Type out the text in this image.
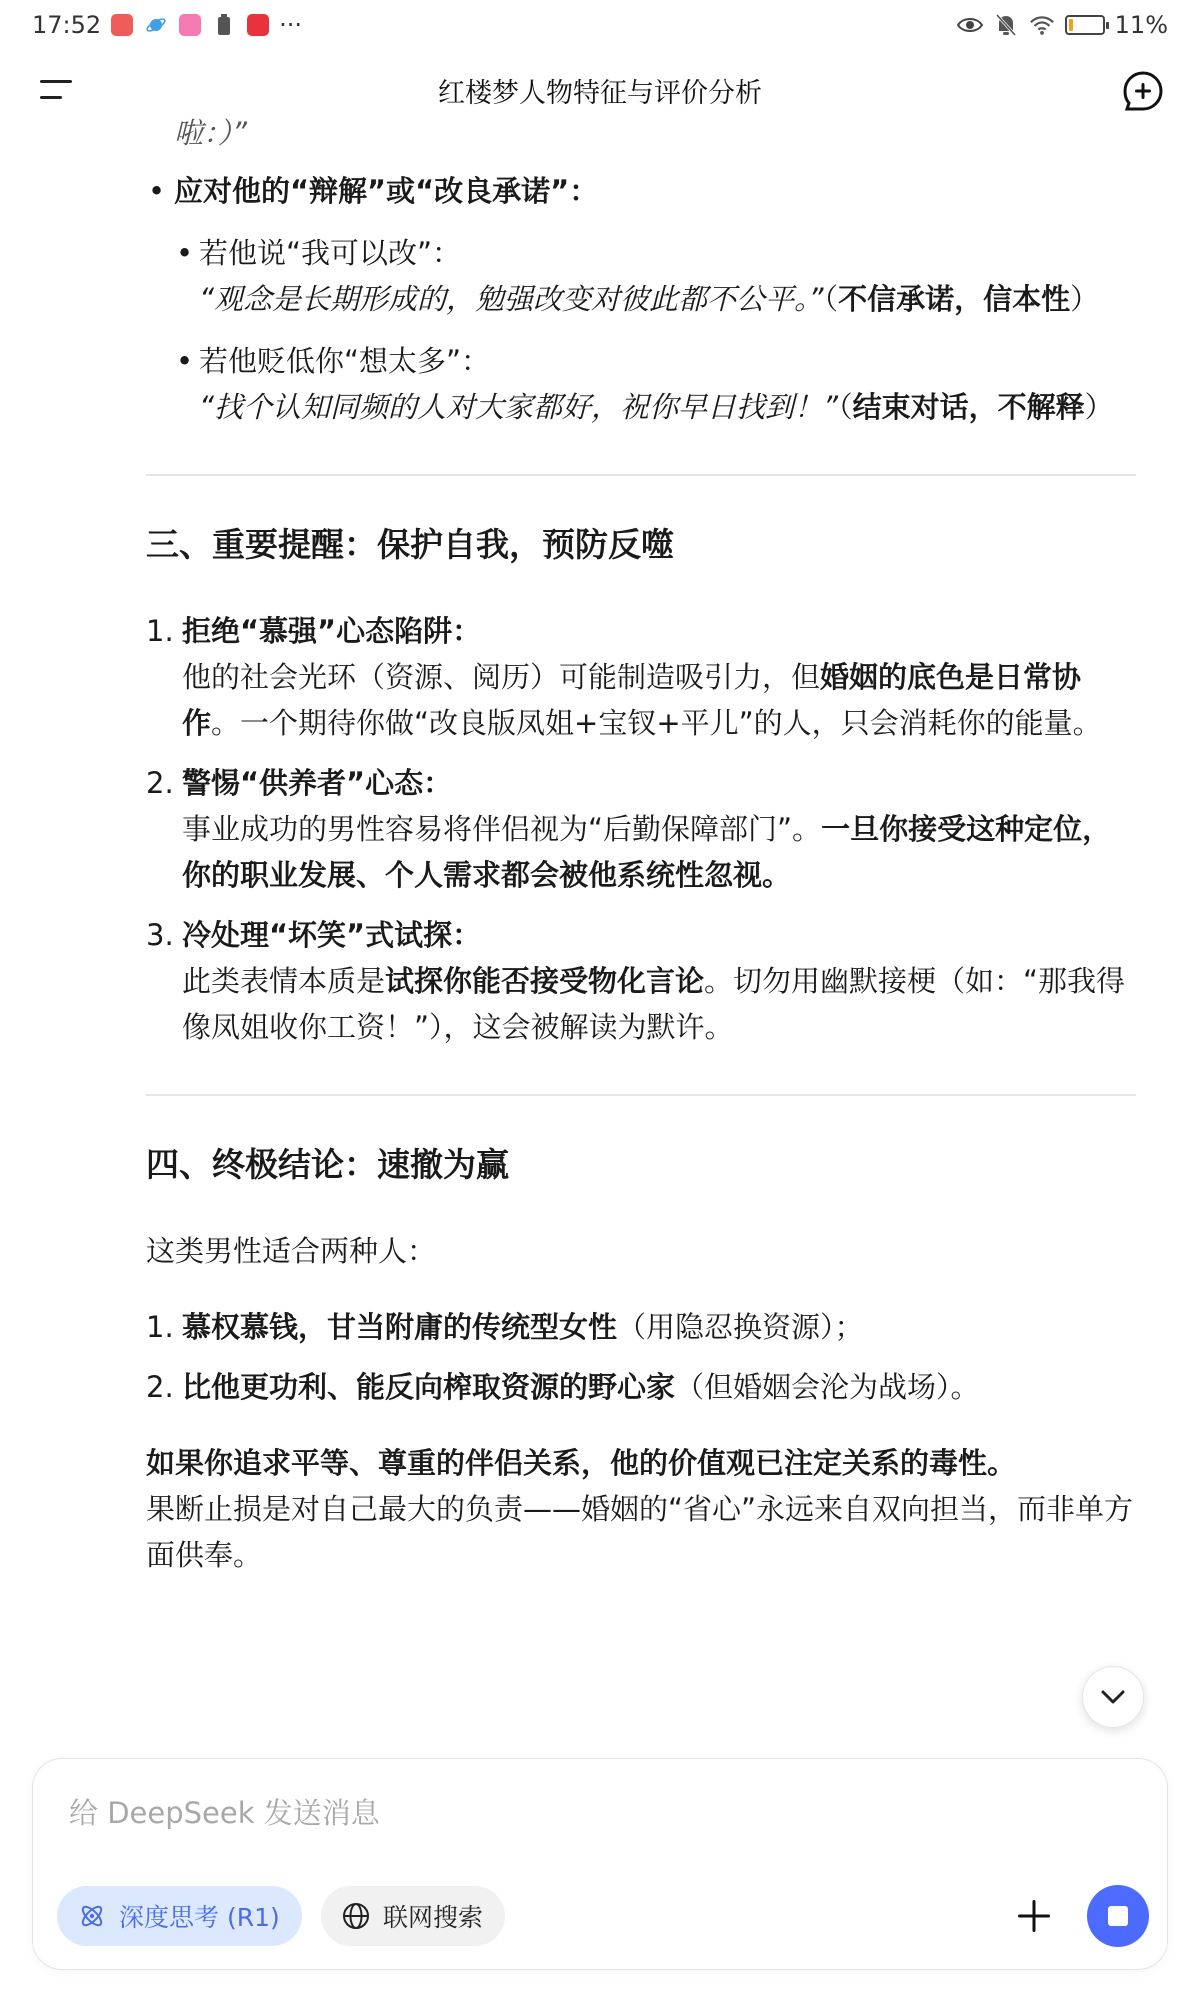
17:52	···	11%
红楼梦人物特征与评价分析
啦：）”
• 应对他的“辩解”或“改良承诺”：
• 若他说“我可以改”：
“观念是长期形成的，勉强改变对彼此都不公平。”（不信承诺，信本性）
• 若他贬低你“想太多”：
“找个认知同频的人对大家都好，祝你早日找到！”（结束对话，不解释）
三、重要提醒：保护自我，预防反噬
1. 拒绝“慕强”心态陷阱：
他的社会光环（资源、阅历）可能制造吸引力，但婚姻的底色是日常协作。一个期待你做“改良版凤姐+宝钗+平儿”的人，只会消耗你的能量。
2. 警惕“供养者”心态：
事业成功的男性容易将伴侣视为“后勤保障部门”。一旦你接受这种定位，你的职业发展、个人需求都会被他系统性忽视。
3. 冷处理“坏笑”式试探：
此类表情本质是试探你能否接受物化言论。切勿用幽默接梗（如：“那我得像凤姐收你工资！”），这会被解读为默许。
四、终极结论：速撤为赢
这类男性适合两种人：
1. 慕权慕钱，甘当附庸的传统型女性（用隐忍换资源）；
2. 比他更功利、能反向榨取资源的野心家（但婚姻会沦为战场）。
如果你追求平等、尊重的伴侣关系，他的价值观已注定关系的毒性。
果断止损是对自己最大的负责——婚姻的“省心”永远来自双向担当，而非单方面供奉。
给 DeepSeek 发送消息
深度思考 (R1)	联网搜索
